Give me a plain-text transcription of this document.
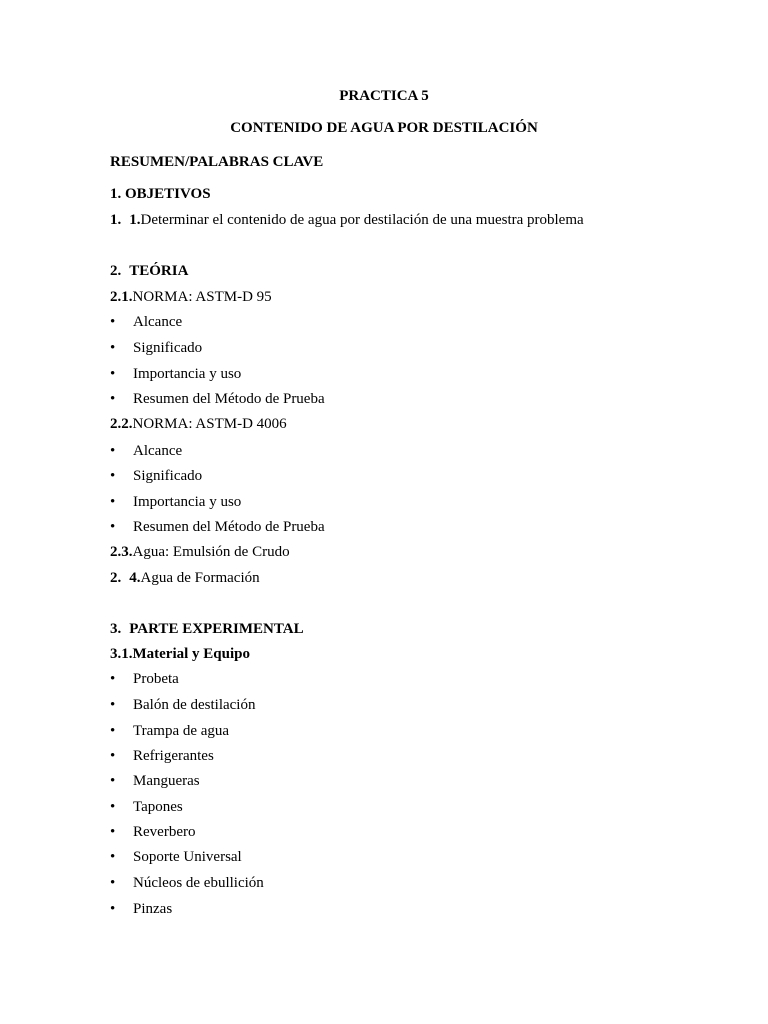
PRACTICA 5
CONTENIDO DE AGUA POR DESTILACIÓN
RESUMEN/PALABRAS CLAVE
1. OBJETIVOS
1. 1.Determinar el contenido de agua por destilación de una muestra problema
2. TEÓRIA
2.1.NORMA: ASTM-D 95
• Alcance
• Significado
• Importancia y uso
• Resumen del Método de Prueba
2.2.NORMA: ASTM-D 4006
• Alcance
• Significado
• Importancia y uso
• Resumen del Método de Prueba
2.3.Agua: Emulsión de Crudo
2. 4.Agua de Formación
3. PARTE EXPERIMENTAL
3.1.Material y Equipo
• Probeta
• Balón de destilación
• Trampa de agua
• Refrigerantes
• Mangueras
• Tapones
• Reverbero
• Soporte Universal
• Núcleos de ebullición
• Pinzas
